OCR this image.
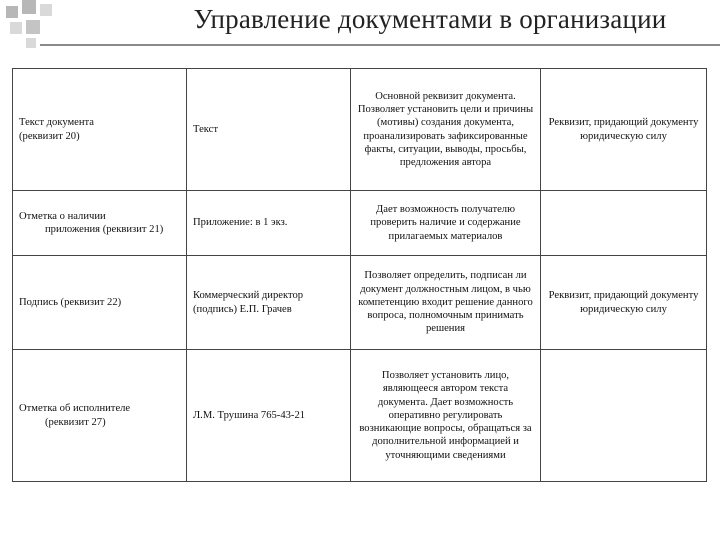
Управление документами в организации
Текст документа
(реквизит 20)	Текст	Основной реквизит документа. Позволяет установить цели и причины (мотивы) создания документа, проанализировать зафиксированные факты, ситуации, выводы, просьбы, предложения автора	Реквизит, придающий документу юридическую силу

Отметка о наличии
приложения (реквизит 21)	Приложение: в 1 экз.	Дает возможность получателю проверить наличие и содержание прилагаемых материалов	

Подпись (реквизит 22)	Коммерческий директор (подпись) Е.П. Грачев	Позволяет определить, подписан ли документ должностным лицом, в чью компетенцию входит решение данного вопроса, полномочным принимать решения	Реквизит, придающий документу юридическую силу

Отметка об исполнителе
(реквизит 27)	Л.М. Трушина 765-43-21	Позволяет установить лицо, являющееся автором текста документа. Дает возможность оперативно регулировать возникающие вопросы, обращаться за дополнительной информацией и уточняющими сведениями	
